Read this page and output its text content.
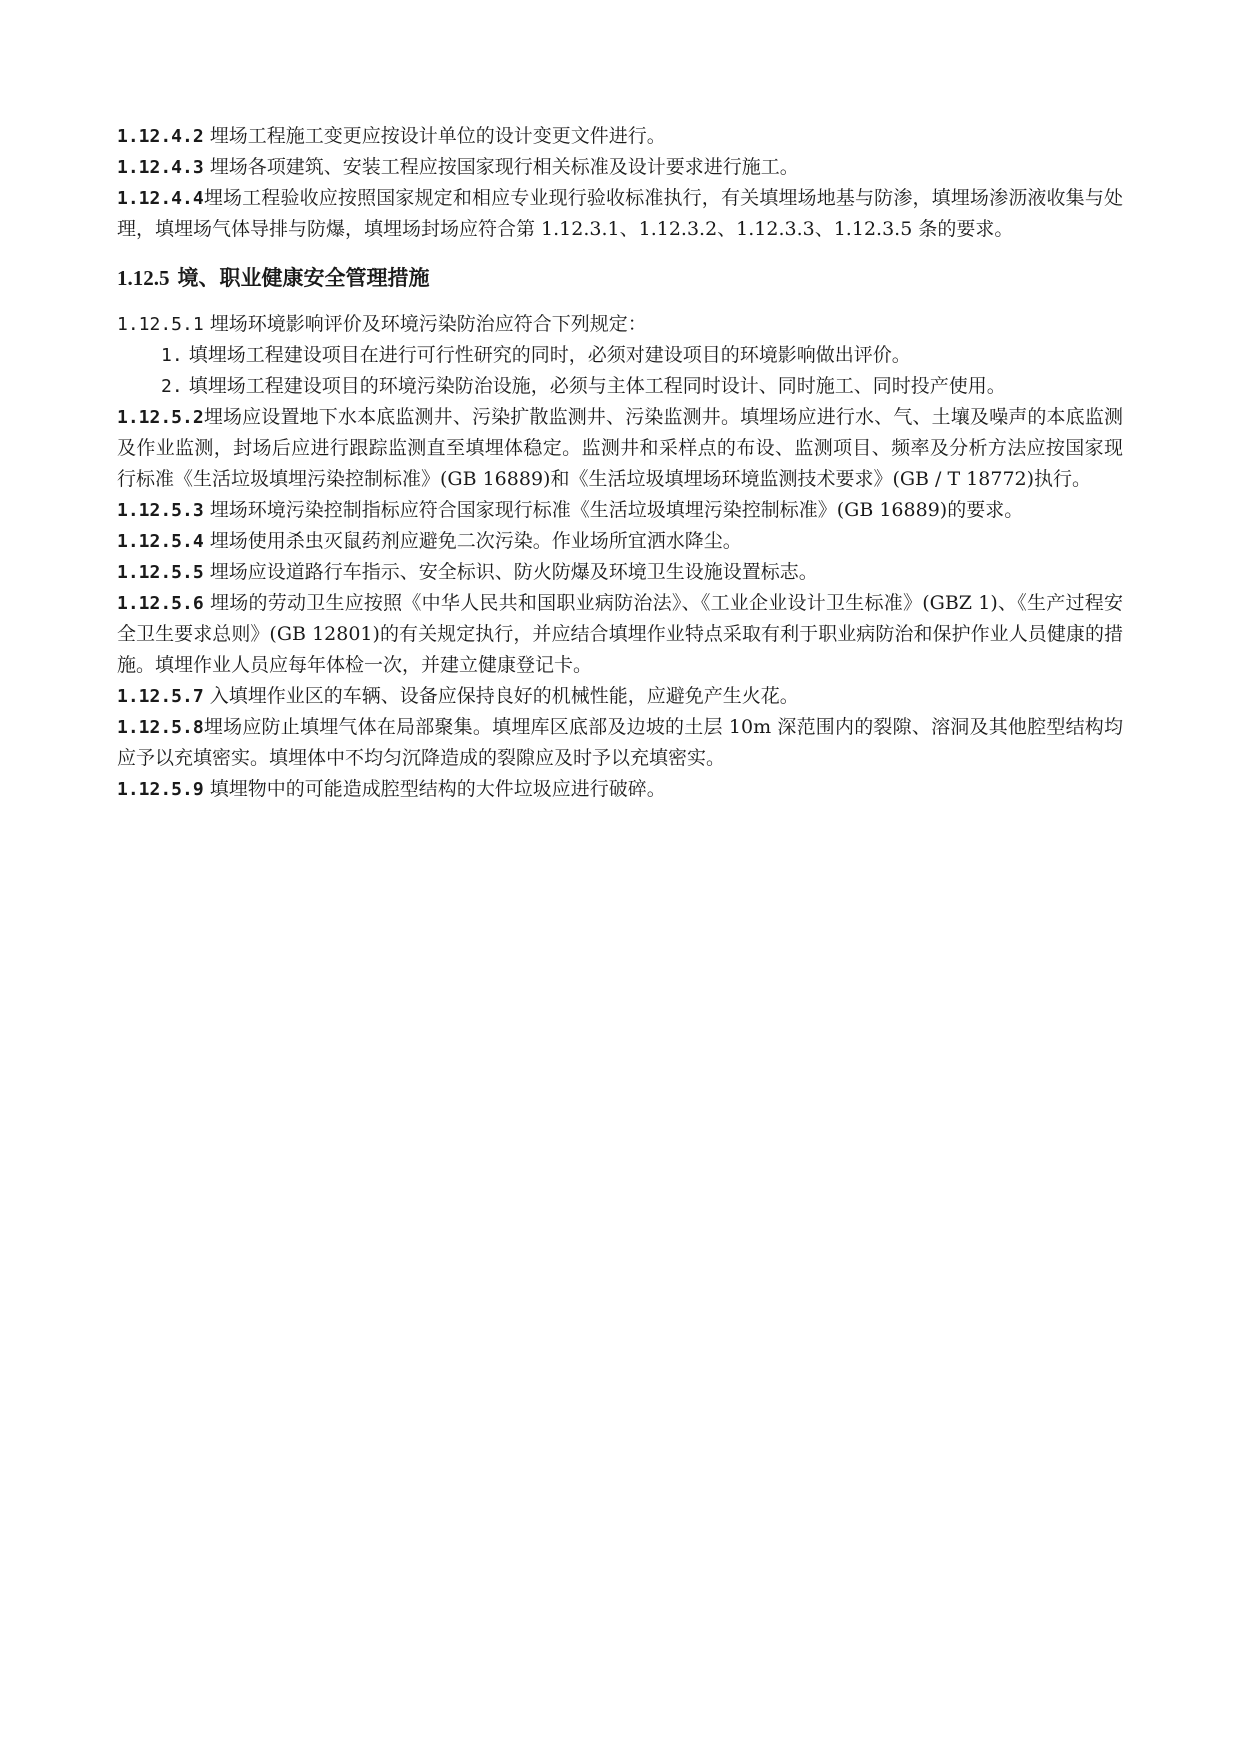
1.12.4.2 埋场工程施工变更应按设计单位的设计变更文件进行。

1.12.4.3 埋场各项建筑、安装工程应按国家现行相关标准及设计要求进行施工。

1.12.4.4埋场工程验收应按照国家规定和相应专业现行验收标准执行，有关填埋场地基与防渗，填埋场渗沥液收集与处理，填埋场气体导排与防爆，填埋场封场应符合第 1.12.3.1、1.12.3.2、1.12.3.3、1.12.3.5 条的要求。

1.12.5 境、职业健康安全管理措施

1.12.5.1 埋场环境影响评价及环境污染防治应符合下列规定：

1. 填埋场工程建设项目在进行可行性研究的同时，必须对建设项目的环境影响做出评价。

2. 填埋场工程建设项目的环境污染防治设施，必须与主体工程同时设计、同时施工、同时投产使用。

1.12.5.2埋场应设置地下水本底监测井、污染扩散监测井、污染监测井。填埋场应进行水、气、土壤及噪声的本底监测及作业监测，封场后应进行跟踪监测直至填埋体稳定。监测井和采样点的布设、监测项目、频率及分析方法应按国家现行标准《生活垃圾填埋污染控制标准》(GB 16889)和《生活垃圾填埋场环境监测技术要求》(GB / T 18772)执行。

1.12.5.3 埋场环境污染控制指标应符合国家现行标准《生活垃圾填埋污染控制标准》(GB 16889)的要求。

1.12.5.4 埋场使用杀虫灭鼠药剂应避免二次污染。作业场所宜洒水降尘。

1.12.5.5 埋场应设道路行车指示、安全标识、防火防爆及环境卫生设施设置标志。

1.12.5.6 埋场的劳动卫生应按照《中华人民共和国职业病防治法》、《工业企业设计卫生标准》(GBZ 1)、《生产过程安全卫生要求总则》(GB 12801)的有关规定执行，并应结合填埋作业特点采取有利于职业病防治和保护作业人员健康的措施。填埋作业人员应每年体检一次，并建立健康登记卡。

1.12.5.7 入填埋作业区的车辆、设备应保持良好的机械性能，应避免产生火花。

1.12.5.8埋场应防止填埋气体在局部聚集。填埋库区底部及边坡的土层 10m 深范围内的裂隙、溶洞及其他腔型结构均应予以充填密实。填埋体中不均匀沉降造成的裂隙应及时予以充填密实。

1.12.5.9 填埋物中的可能造成腔型结构的大件垃圾应进行破碎。
